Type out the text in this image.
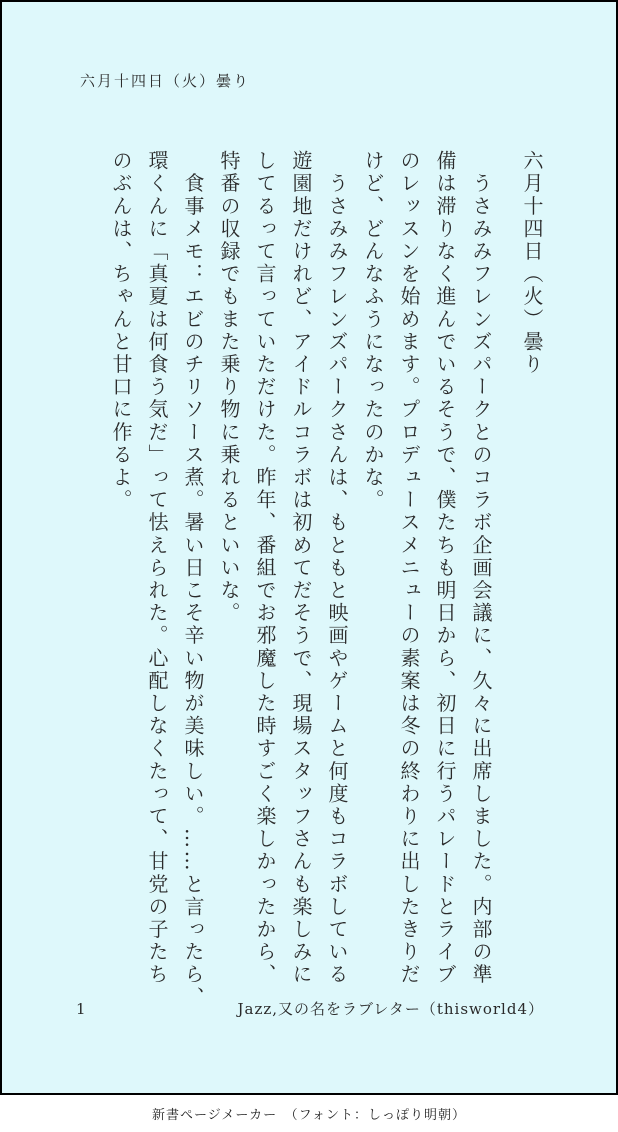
六月十四日（火）曇り

六月十四日（火）曇り

　うさみみフレンズパークとのコラボ企画会議に、久々に出席しました。内部の準

備は滞りなく進んでいるそうで、僕たちも明日から、初日に行うパレードとライブ

のレッスンを始めます。プロデュースメニューの素案は冬の終わりに出したきりだ

けど、どんなふうになったのかな。

　うさみみフレンズパークさんは、もともと映画やゲームと何度もコラボしている

遊園地だけれど、アイドルコラボは初めてだそうで、現場スタッフさんも楽しみに

してるって言っていただけた。昨年、番組でお邪魔した時すごく楽しかったから、

特番の収録でもまた乗り物に乗れるといいな。

　食事メモ：エビのチリソース煮。暑い日こそ辛い物が美味しい。……と言ったら、

環くんに「真夏は何食う気だ」って怯えられた。心配しなくたって、甘党の子たち

のぶんは、ちゃんと甘口に作るよ。

1	Jazz,又の名をラブレター（thisworld4）
新書ページメーカー　（フォント：しっぽり明朝）
